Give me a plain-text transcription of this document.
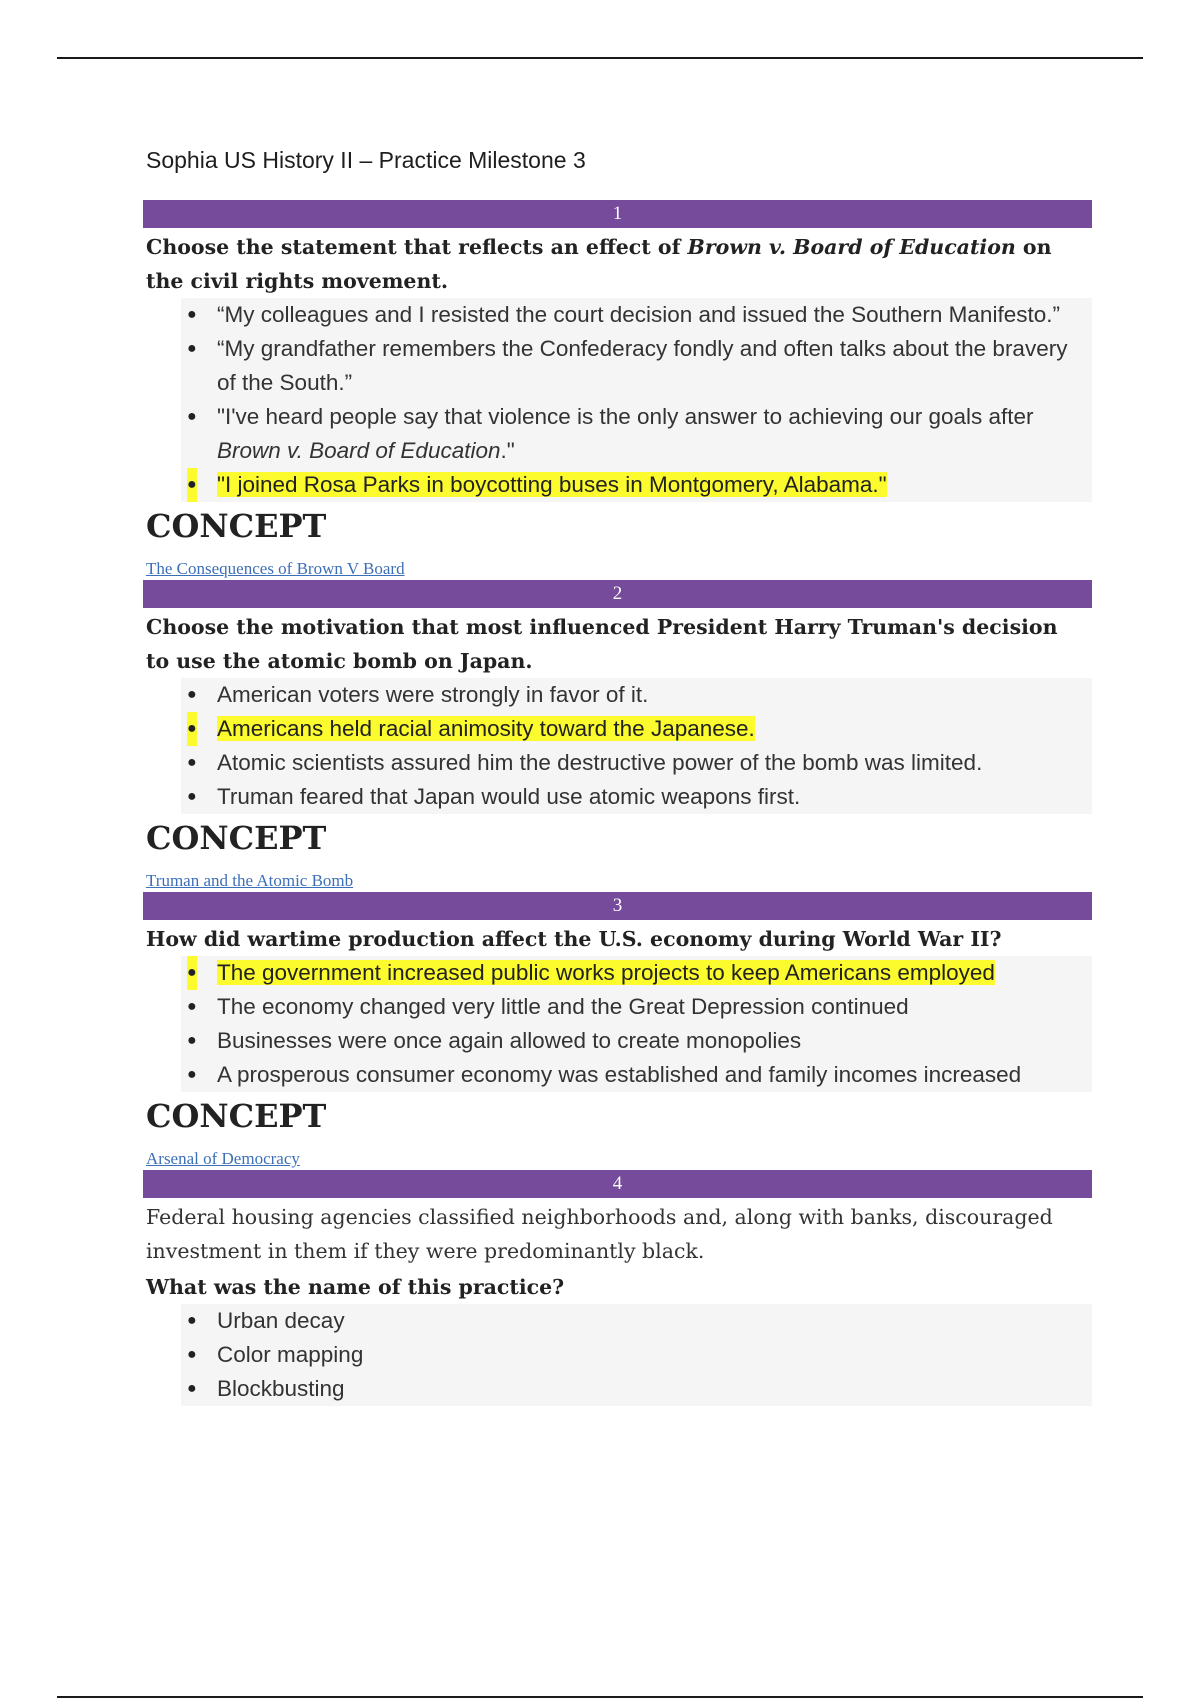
Sophia US History II – Practice Milestone 3
1
Choose the statement that reflects an effect of Brown v. Board of Education on the civil rights movement.
● “My colleagues and I resisted the court decision and issued the Southern Manifesto.”
● “My grandfather remembers the Confederacy fondly and often talks about the bravery of the South.”
● "I've heard people say that violence is the only answer to achieving our goals after Brown v. Board of Education."
● "I joined Rosa Parks in boycotting buses in Montgomery, Alabama."
CONCEPT
The Consequences of Brown V Board
2
Choose the motivation that most influenced President Harry Truman's decision to use the atomic bomb on Japan.
● American voters were strongly in favor of it.
● Americans held racial animosity toward the Japanese.
● Atomic scientists assured him the destructive power of the bomb was limited.
● Truman feared that Japan would use atomic weapons first.
CONCEPT
Truman and the Atomic Bomb
3
How did wartime production affect the U.S. economy during World War II?
● The government increased public works projects to keep Americans employed
● The economy changed very little and the Great Depression continued
● Businesses were once again allowed to create monopolies
● A prosperous consumer economy was established and family incomes increased
CONCEPT
Arsenal of Democracy
4
Federal housing agencies classified neighborhoods and, along with banks, discouraged investment in them if they were predominantly black.
What was the name of this practice?
● Urban decay
● Color mapping
● Blockbusting
